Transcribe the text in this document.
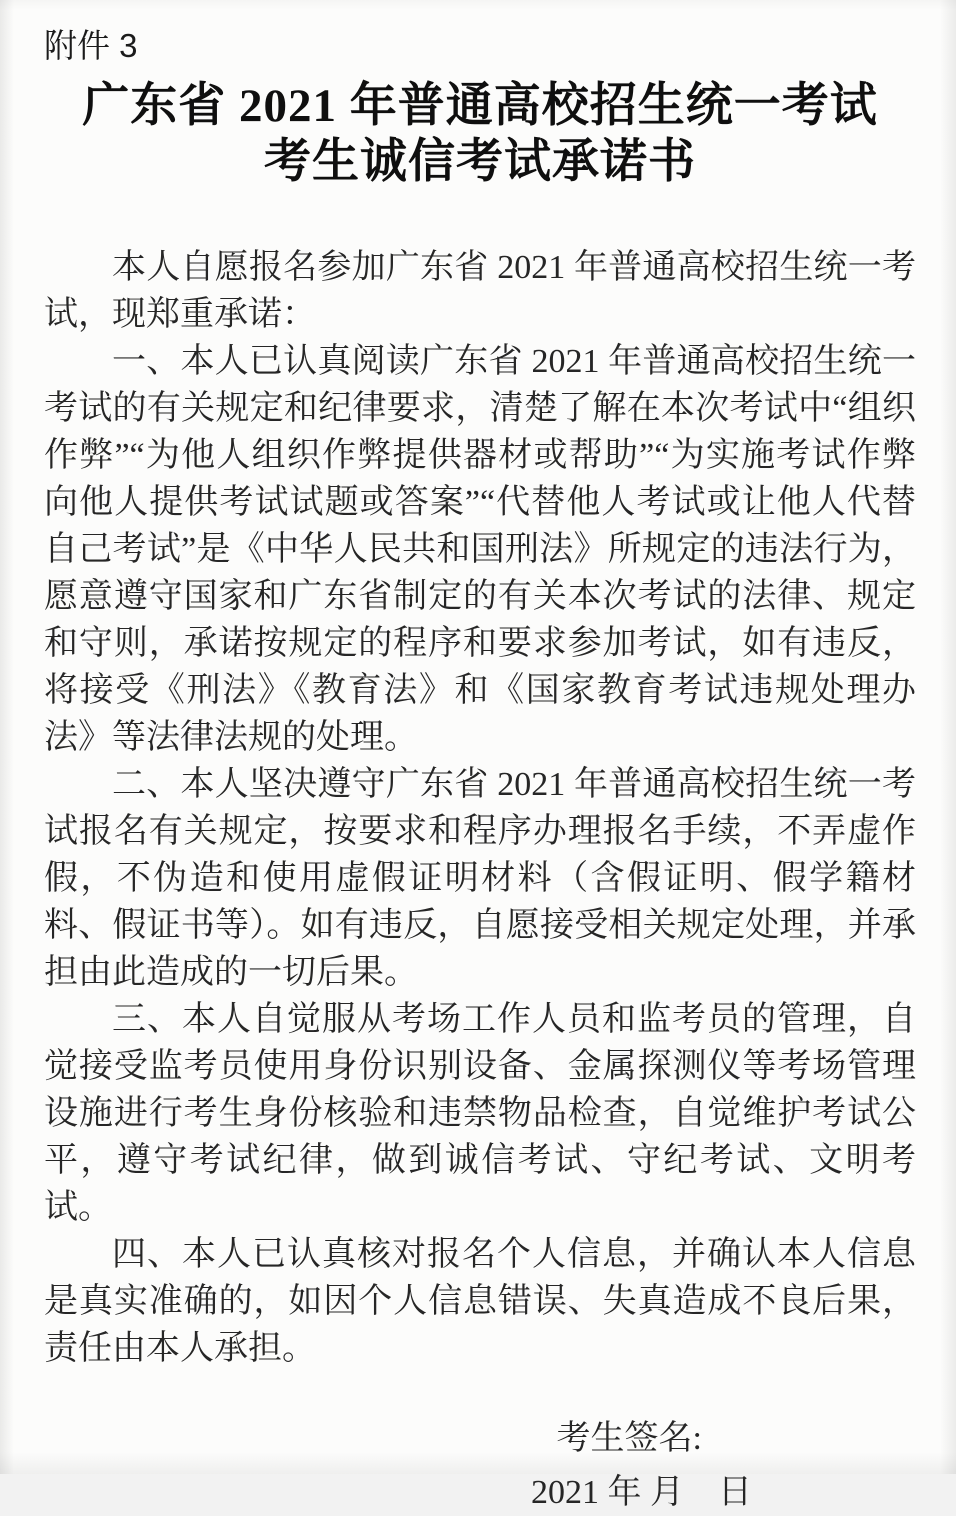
附件 3
广东省 2021 年普通高校招生统一考试
考生诚信考试承诺书

本人自愿报名参加广东省 2021 年普通高校招生统一考试，现郑重承诺：

一、本人已认真阅读广东省 2021 年普通高校招生统一考试的有关规定和纪律要求，清楚了解在本次考试中“组织作弊”“为他人组织作弊提供器材或帮助”“为实施考试作弊向他人提供考试试题或答案”“代替他人考试或让他人代替自己考试”是《中华人民共和国刑法》所规定的违法行为，愿意遵守国家和广东省制定的有关本次考试的法律、规定和守则，承诺按规定的程序和要求参加考试，如有违反，将接受《刑法》《教育法》和《国家教育考试违规处理办法》等法律法规的处理。

二、本人坚决遵守广东省 2021 年普通高校招生统一考试报名有关规定，按要求和程序办理报名手续，不弄虚作假，不伪造和使用虚假证明材料（含假证明、假学籍材料、假证书等）。如有违反，自愿接受相关规定处理，并承担由此造成的一切后果。

三、本人自觉服从考场工作人员和监考员的管理，自觉接受监考员使用身份识别设备、金属探测仪等考场管理设施进行考生身份核验和违禁物品检查，自觉维护考试公平，遵守考试纪律，做到诚信考试、守纪考试、文明考试。

四、本人已认真核对报名个人信息，并确认本人信息是真实准确的，如因个人信息错误、失真造成不良后果，责任由本人承担。

考生签名:
2021 年 月　日
